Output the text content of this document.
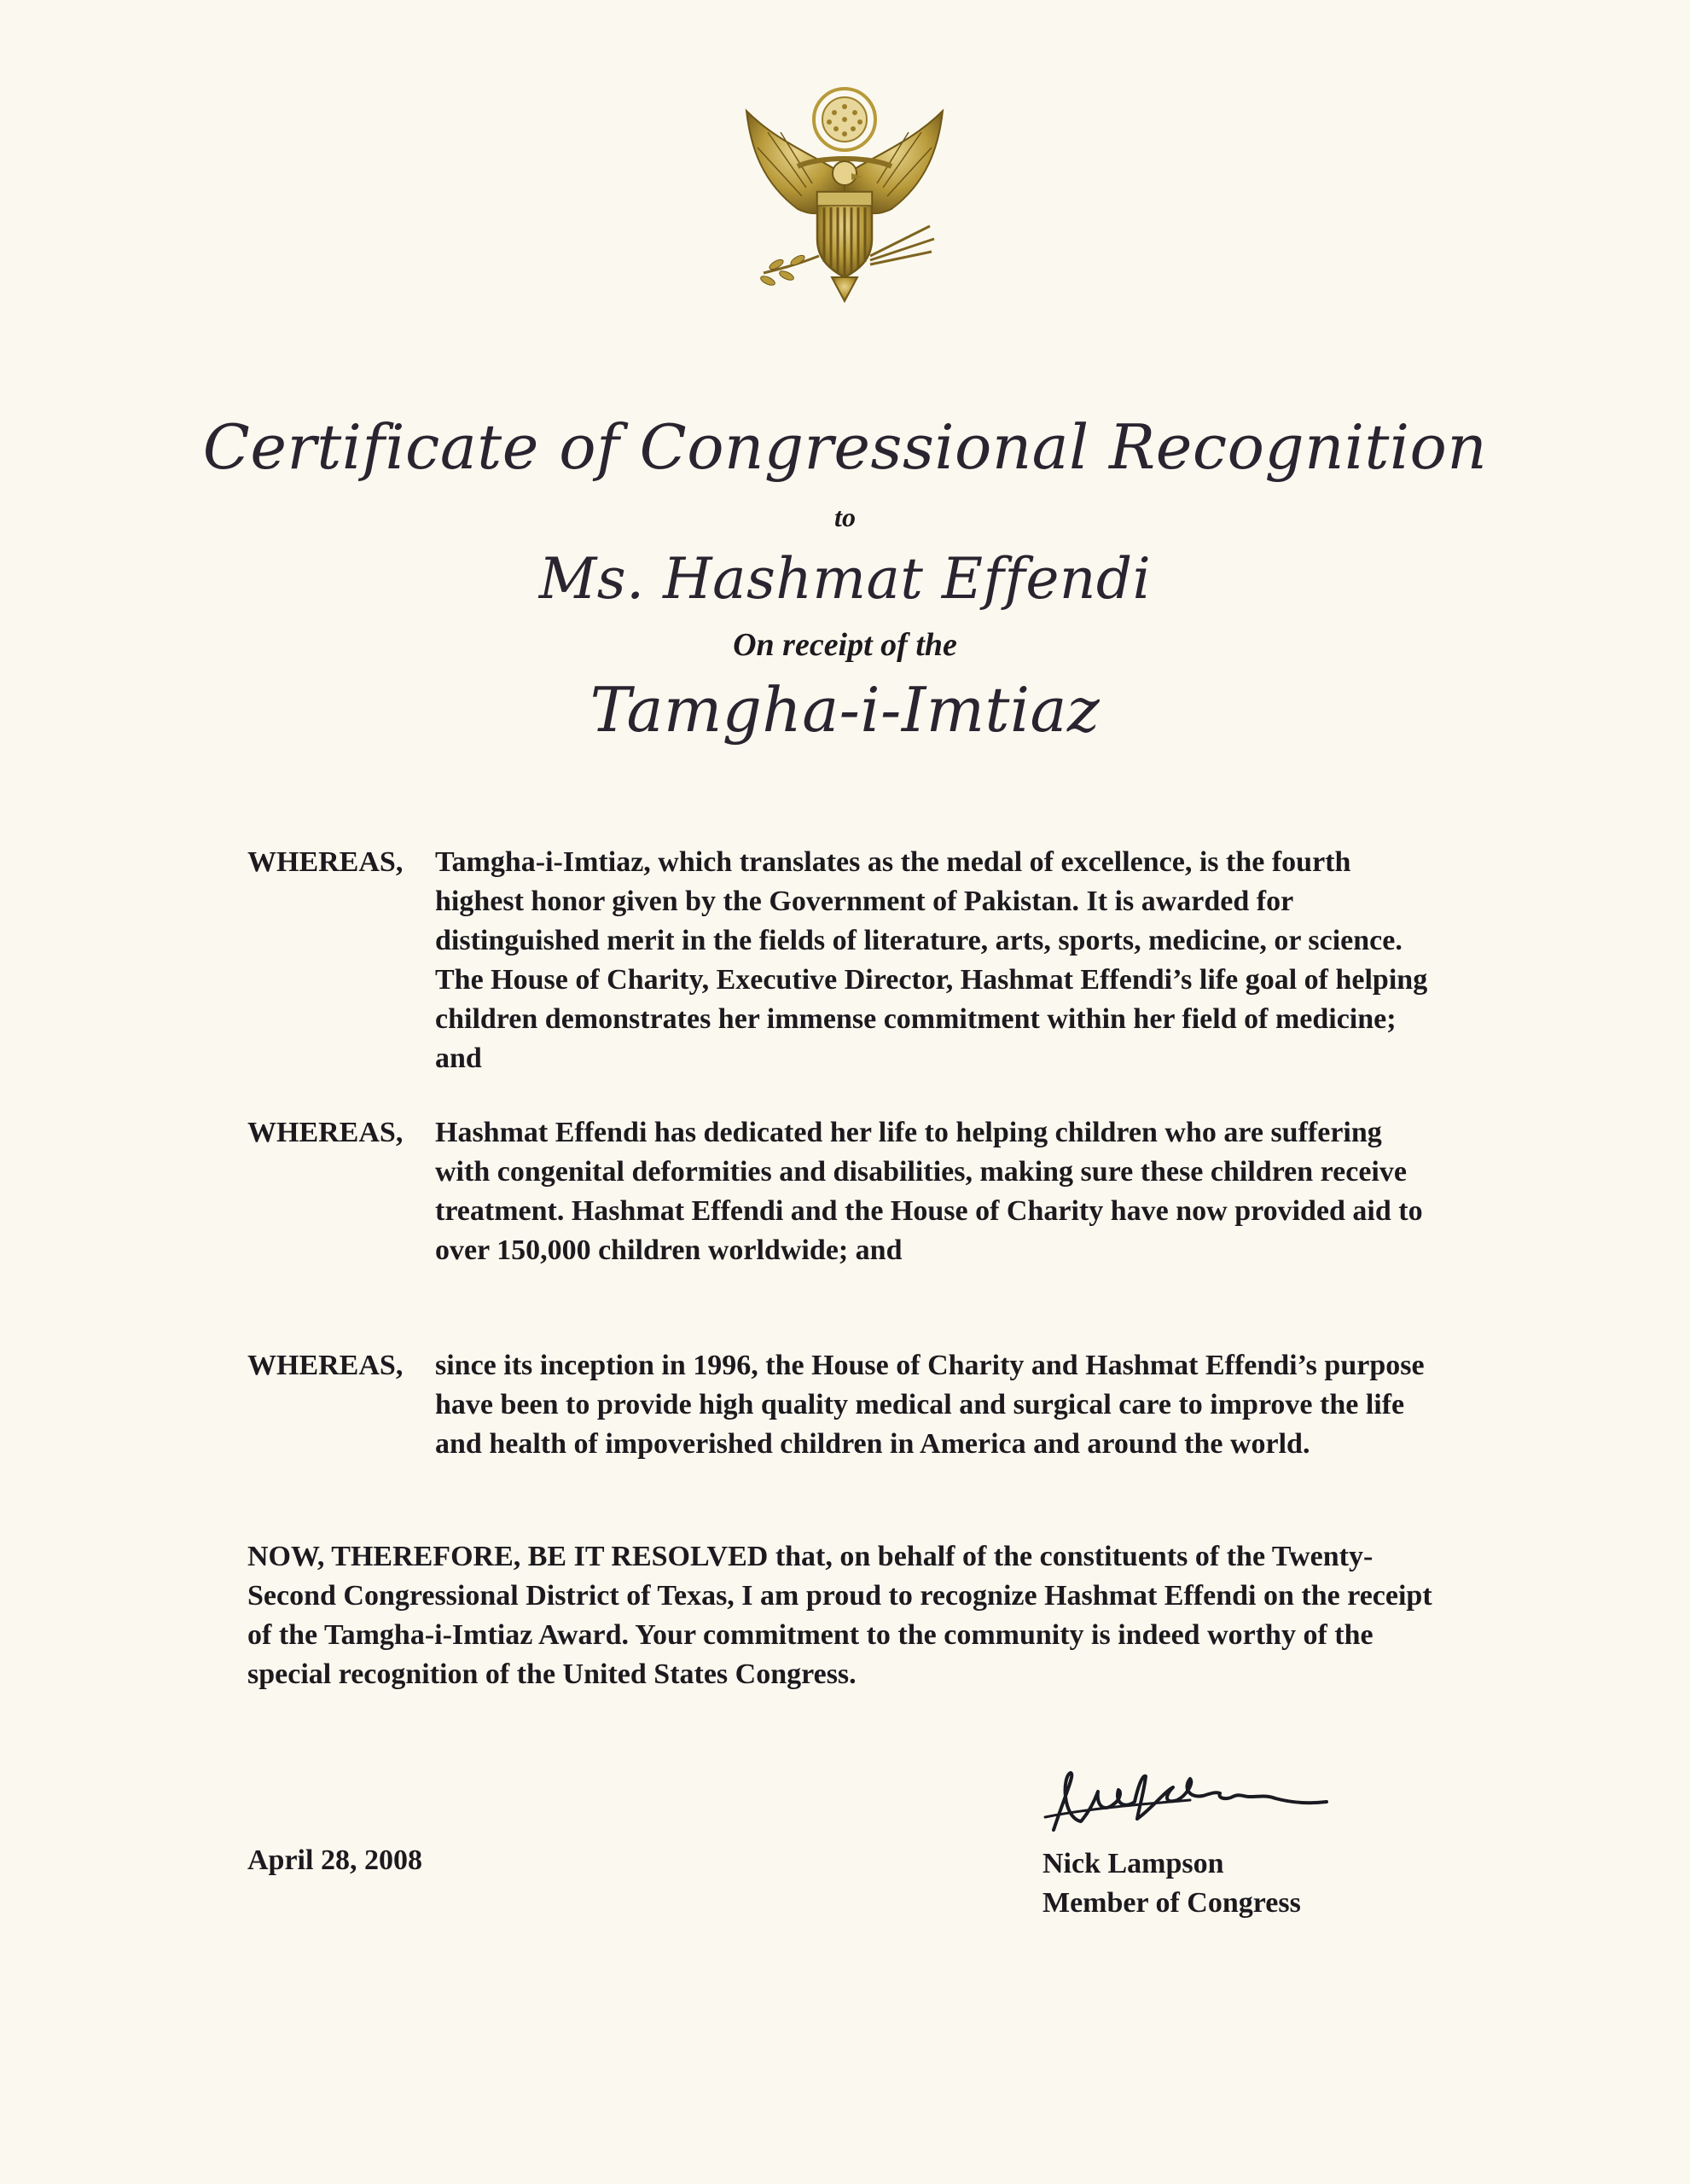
Certificate of Congressional Recognition
to
Ms. Hashmat Effendi
On receipt of the
Tamgha-i-Imtiaz
WHEREAS, Tamgha-i-Imtiaz, which translates as the medal of excellence, is the fourth highest honor given by the Government of Pakistan. It is awarded for distinguished merit in the fields of literature, arts, sports, medicine, or science. The House of Charity, Executive Director, Hashmat Effendi’s life goal of helping children demonstrates her immense commitment within her field of medicine; and
WHEREAS, Hashmat Effendi has dedicated her life to helping children who are suffering with congenital deformities and disabilities, making sure these children receive treatment. Hashmat Effendi and the House of Charity have now provided aid to over 150,000 children worldwide; and
WHEREAS, since its inception in 1996, the House of Charity and Hashmat Effendi’s purpose have been to provide high quality medical and surgical care to improve the life and health of impoverished children in America and around the world.
NOW, THEREFORE, BE IT RESOLVED that, on behalf of the constituents of the Twenty-Second Congressional District of Texas, I am proud to recognize Hashmat Effendi on the receipt of the Tamgha-i-Imtiaz Award. Your commitment to the community is indeed worthy of the special recognition of the United States Congress.
April 28, 2008	Nick Lampson
Member of Congress
